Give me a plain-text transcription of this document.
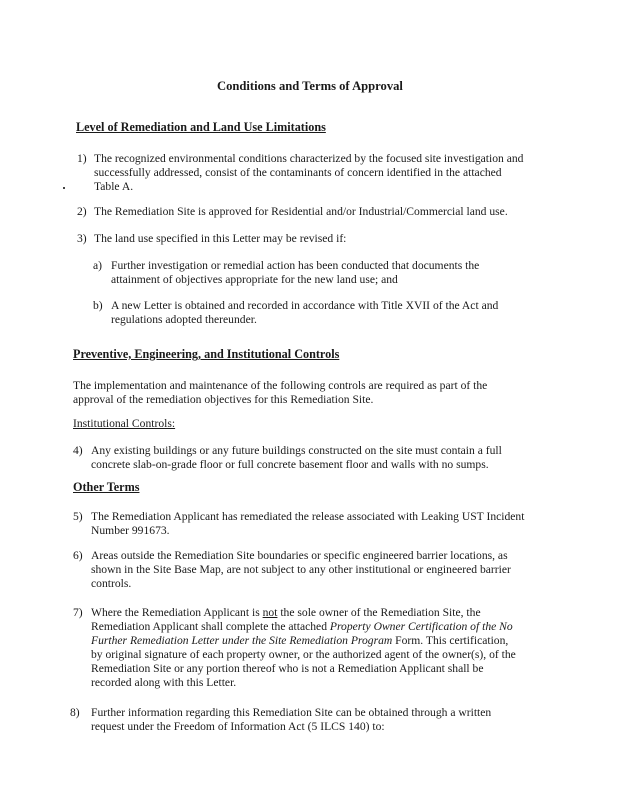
Conditions and Terms of Approval
Level of Remediation and Land Use Limitations
1) The recognized environmental conditions characterized by the focused site investigation and
successfully addressed, consist of the contaminants of concern identified in the attached
Table A.
2) The Remediation Site is approved for Residential and/or Industrial/Commercial land use.
3) The land use specified in this Letter may be revised if:
a) Further investigation or remedial action has been conducted that documents the
attainment of objectives appropriate for the new land use; and
b) A new Letter is obtained and recorded in accordance with Title XVII of the Act and
regulations adopted thereunder.
Preventive, Engineering, and Institutional Controls
The implementation and maintenance of the following controls are required as part of the
approval of the remediation objectives for this Remediation Site.
Institutional Controls:
4) Any existing buildings or any future buildings constructed on the site must contain a full
concrete slab-on-grade floor or full concrete basement floor and walls with no sumps.
Other Terms
5) The Remediation Applicant has remediated the release associated with Leaking UST Incident
Number 991673.
6) Areas outside the Remediation Site boundaries or specific engineered barrier locations, as
shown in the Site Base Map, are not subject to any other institutional or engineered barrier
controls.
7) Where the Remediation Applicant is not the sole owner of the Remediation Site, the
Remediation Applicant shall complete the attached Property Owner Certification of the No
Further Remediation Letter under the Site Remediation Program Form. This certification,
by original signature of each property owner, or the authorized agent of the owner(s), of the
Remediation Site or any portion thereof who is not a Remediation Applicant shall be
recorded along with this Letter.
8) Further information regarding this Remediation Site can be obtained through a written
request under the Freedom of Information Act (5 ILCS 140) to:
